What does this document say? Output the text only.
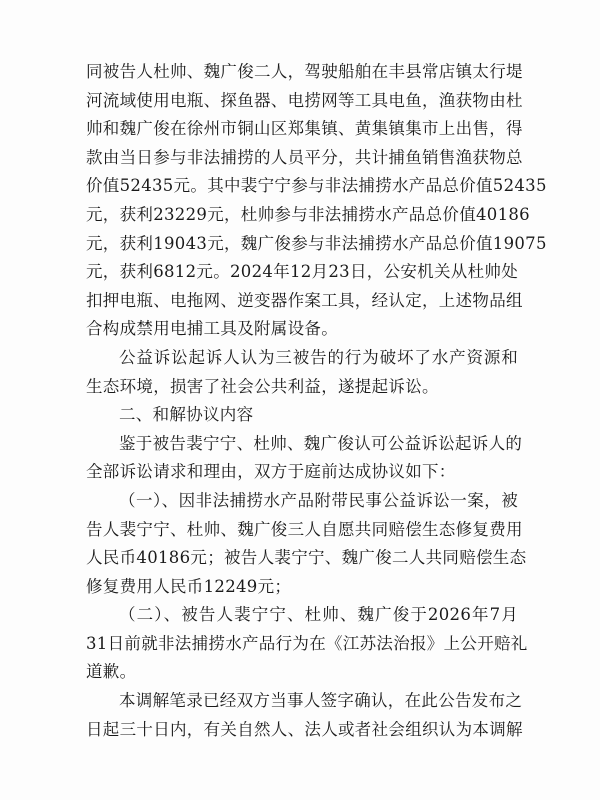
同被告人杜帅、魏广俊二人，驾驶船舶在丰县常店镇太行堤
河流域使用电瓶、探鱼器、电捞网等工具电鱼，渔获物由杜
帅和魏广俊在徐州市铜山区郑集镇、黄集镇集市上出售，得
款由当日参与非法捕捞的人员平分，共计捕鱼销售渔获物总
价值52435元。其中裴宁宁参与非法捕捞水产品总价值52435
元，获利23229元，杜帅参与非法捕捞水产品总价值40186
元，获利19043元，魏广俊参与非法捕捞水产品总价值19075
元，获利6812元。2024年12月23日，公安机关从杜帅处
扣押电瓶、电拖网、逆变器作案工具，经认定，上述物品组
合构成禁用电捕工具及附属设备。
公益诉讼起诉人认为三被告的行为破坏了水产资源和
生态环境，损害了社会公共利益，遂提起诉讼。
二、和解协议内容
鉴于被告裴宁宁、杜帅、魏广俊认可公益诉讼起诉人的
全部诉讼请求和理由，双方于庭前达成协议如下：
（一）、因非法捕捞水产品附带民事公益诉讼一案，被
告人裴宁宁、杜帅、魏广俊三人自愿共同赔偿生态修复费用
人民币40186元；被告人裴宁宁、魏广俊二人共同赔偿生态
修复费用人民币12249元；
（二）、被告人裴宁宁、杜帅、魏广俊于2026年7月
31日前就非法捕捞水产品行为在《江苏法治报》上公开赔礼
道歉。
本调解笔录已经双方当事人签字确认，在此公告发布之
日起三十日内，有关自然人、法人或者社会组织认为本调解
